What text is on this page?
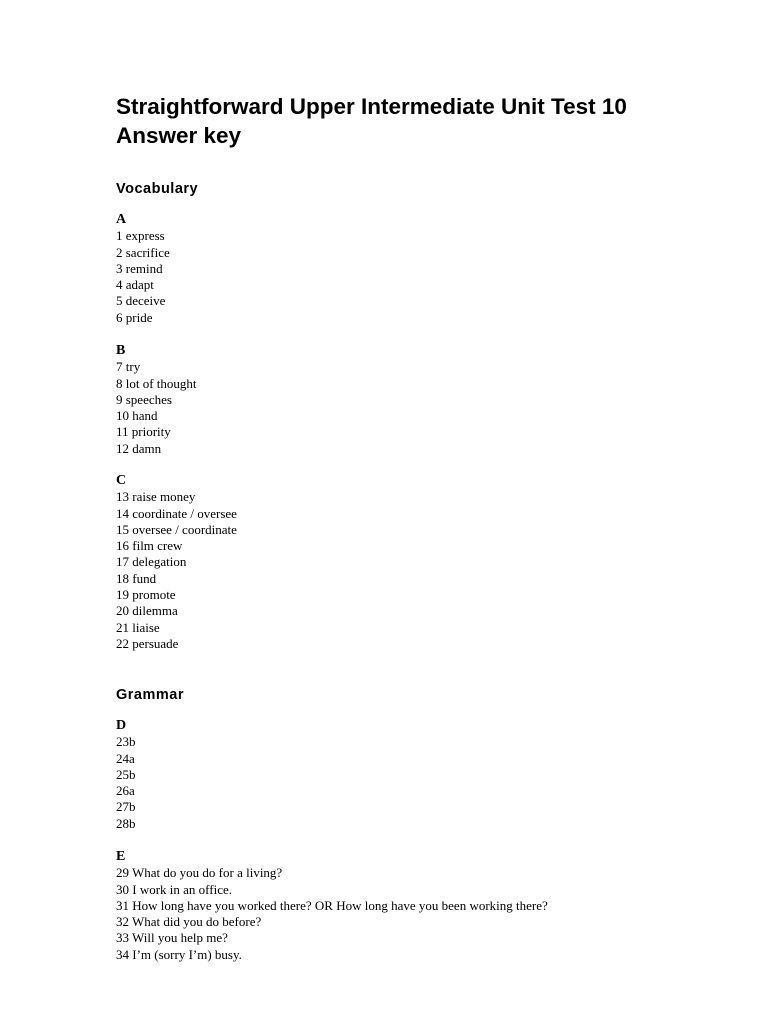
Straightforward Upper Intermediate Unit Test 10
Answer key
Vocabulary
A
1 express
2 sacrifice
3 remind
4 adapt
5 deceive
6 pride
B
7 try
8 lot of thought
9 speeches
10 hand
11 priority
12 damn
C
13 raise money
14 coordinate / oversee
15 oversee / coordinate
16 film crew
17 delegation
18 fund
19 promote
20 dilemma
21 liaise
22 persuade
Grammar
D
23b
24a
25b
26a
27b
28b
E
29 What do you do for a living?
30 I work in an office.
31 How long have you worked there? OR How long have you been working there?
32 What did you do before?
33 Will you help me?
34 I’m (sorry I’m) busy.
